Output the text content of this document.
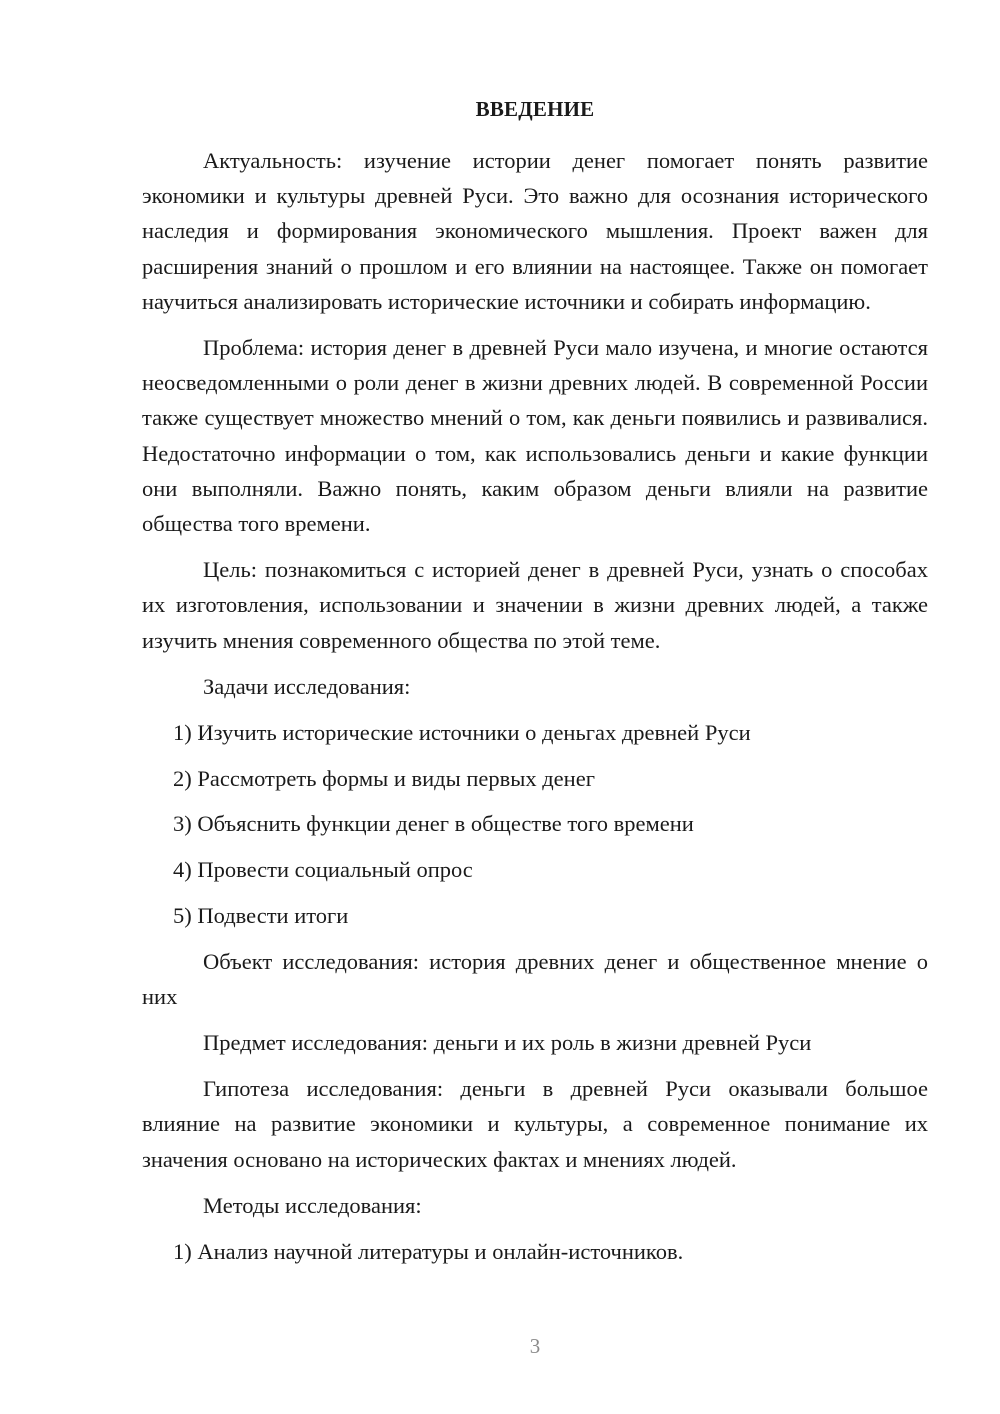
ВВЕДЕНИЕ

Актуальность: изучение истории денег помогает понять развитие экономики и культуры древней Руси. Это важно для осознания исторического наследия и формирования экономического мышления. Проект важен для расширения знаний о прошлом и его влиянии на настоящее. Также он помогает научиться анализировать исторические источники и собирать информацию.

Проблема: история денег в древней Руси мало изучена, и многие остаются неосведомленными о роли денег в жизни древних людей. В современной России также существует множество мнений о том, как деньги появились и развивалися. Недостаточно информации о том, как использовались деньги и какие функции они выполняли. Важно понять, каким образом деньги влияли на развитие общества того времени.

Цель: познакомиться с историей денег в древней Руси, узнать о способах их изготовления, использовании и значении в жизни древних людей, а также изучить мнения современного общества по этой теме.

Задачи исследования:

1) Изучить исторические источники о деньгах древней Руси

2) Рассмотреть формы и виды первых денег

3) Объяснить функции денег в обществе того времени

4) Провести социальный опрос

5) Подвести итоги

Объект исследования: история древних денег и общественное мнение о них

Предмет исследования: деньги и их роль в жизни древней Руси

Гипотеза исследования: деньги в древней Руси оказывали большое влияние на развитие экономики и культуры, а современное понимание их значения основано на исторических фактах и мнениях людей.

Методы исследования:

1) Анализ научной литературы и онлайн-источников.

3
